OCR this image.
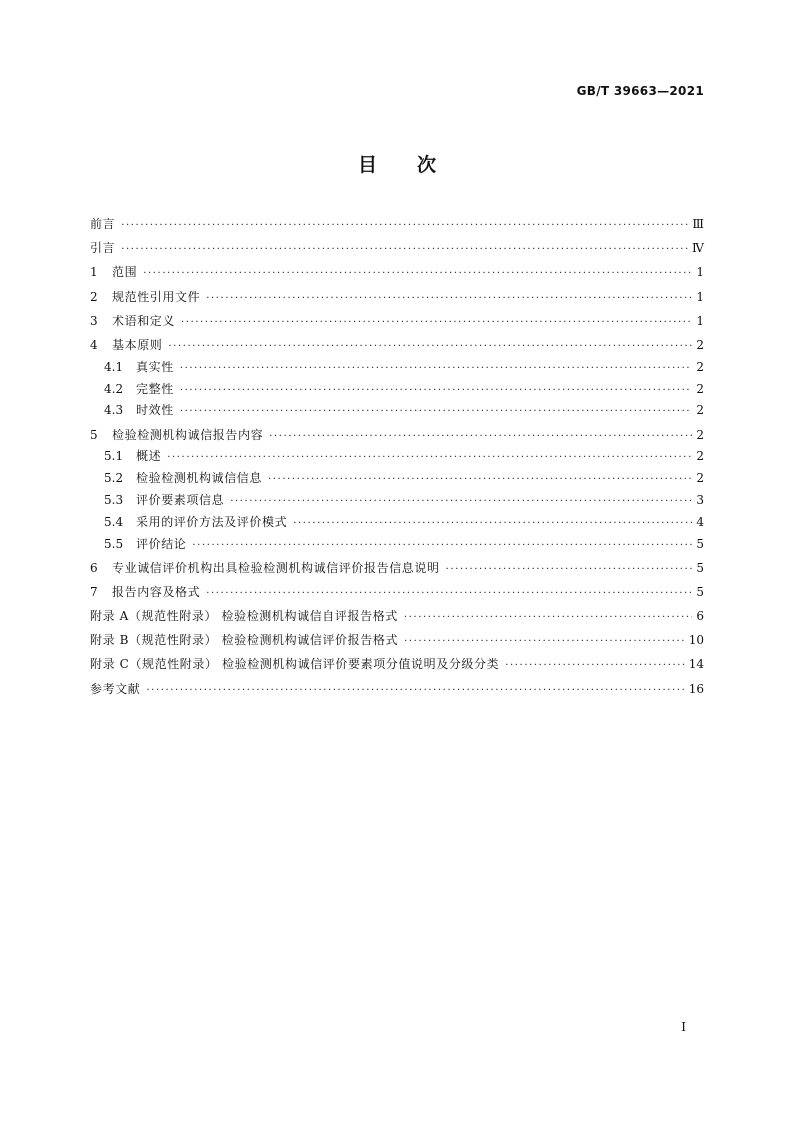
GB/T 39663—2021
目次
前言 ·····	Ⅲ
引言 ·····	Ⅳ
1	范围 ·····	1
2	规范性引用文件 ·····	1
3	术语和定义 ·····	1
4	基本原则 ·····	2
4.1	真实性 ·····	2
4.2	完整性 ·····	2
4.3	时效性 ·····	2
5	检验检测机构诚信报告内容 ·····	2
5.1	概述 ·····	2
5.2	检验检测机构诚信信息 ·····	2
5.3	评价要素项信息 ·····	3
5.4	采用的评价方法及评价模式 ·····	4
5.5	评价结论 ·····	5
6	专业诚信评价机构出具检验检测机构诚信评价报告信息说明 ·····	5
7	报告内容及格式 ·····	5
附录 A（规范性附录） 检验检测机构诚信自评报告格式 ·····	6
附录 B（规范性附录） 检验检测机构诚信评价报告格式 ·····	10
附录 C（规范性附录） 检验检测机构诚信评价要素项分值说明及分级分类 ·····	14
参考文献 ·····	16
I
